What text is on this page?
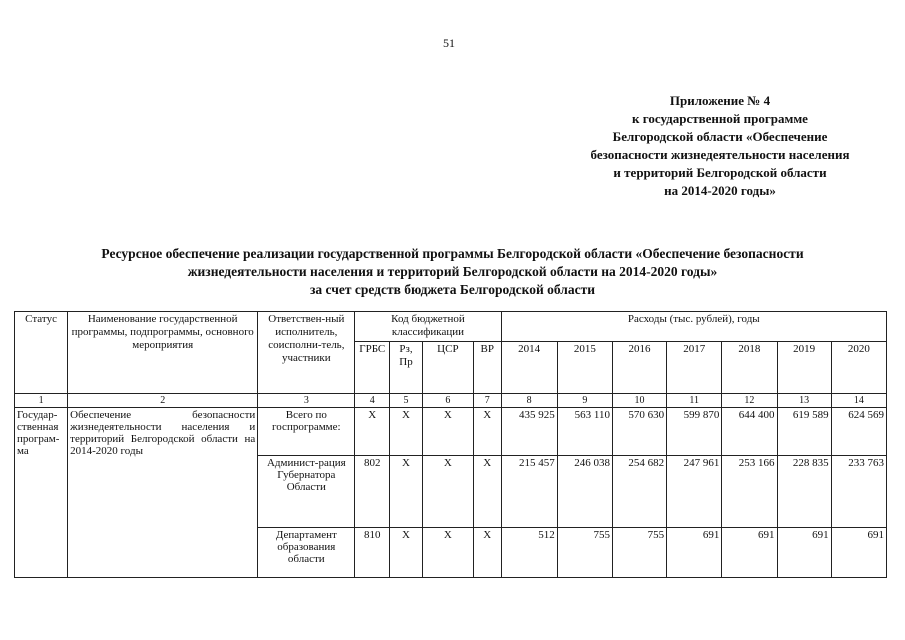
51
Приложение № 4
к государственной программе
Белгородской области «Обеспечение
безопасности жизнедеятельности населения
и территорий Белгородской области
на 2014-2020 годы»
Ресурсное обеспечение реализации государственной программы Белгородской области «Обеспечение безопасности
жизнедеятельности населения и территорий Белгородской области на 2014-2020 годы»
за счет средств бюджета Белгородской области
Статус	Наименование государственной программы, подпрограммы, основного мероприятия	Ответствен-ный исполнитель, соисполни-тель, участники	Код бюджетной классификации				Расходы (тыс. рублей), годы						
			ГРБС	Рз, Пр	ЦСР	ВР	2014	2015	2016	2017	2018	2019	2020
1	2	3	4	5	6	7	8	9	10	11	12	13	14
Государ-ственная програм-ма	Обеспечение безопасности жизнедеятельности населения и территорий Белгородской области на 2014-2020 годы	Всего по госпрограмме:	Х	Х	Х	Х	435 925	563 110	570 630	599 870	644 400	619 589	624 569
		Админист-рация Губернатора Области	802	Х	Х	Х	215 457	246 038	254 682	247 961	253 166	228 835	233 763
		Департамент образования области	810	Х	Х	Х	512	755	755	691	691	691	691
